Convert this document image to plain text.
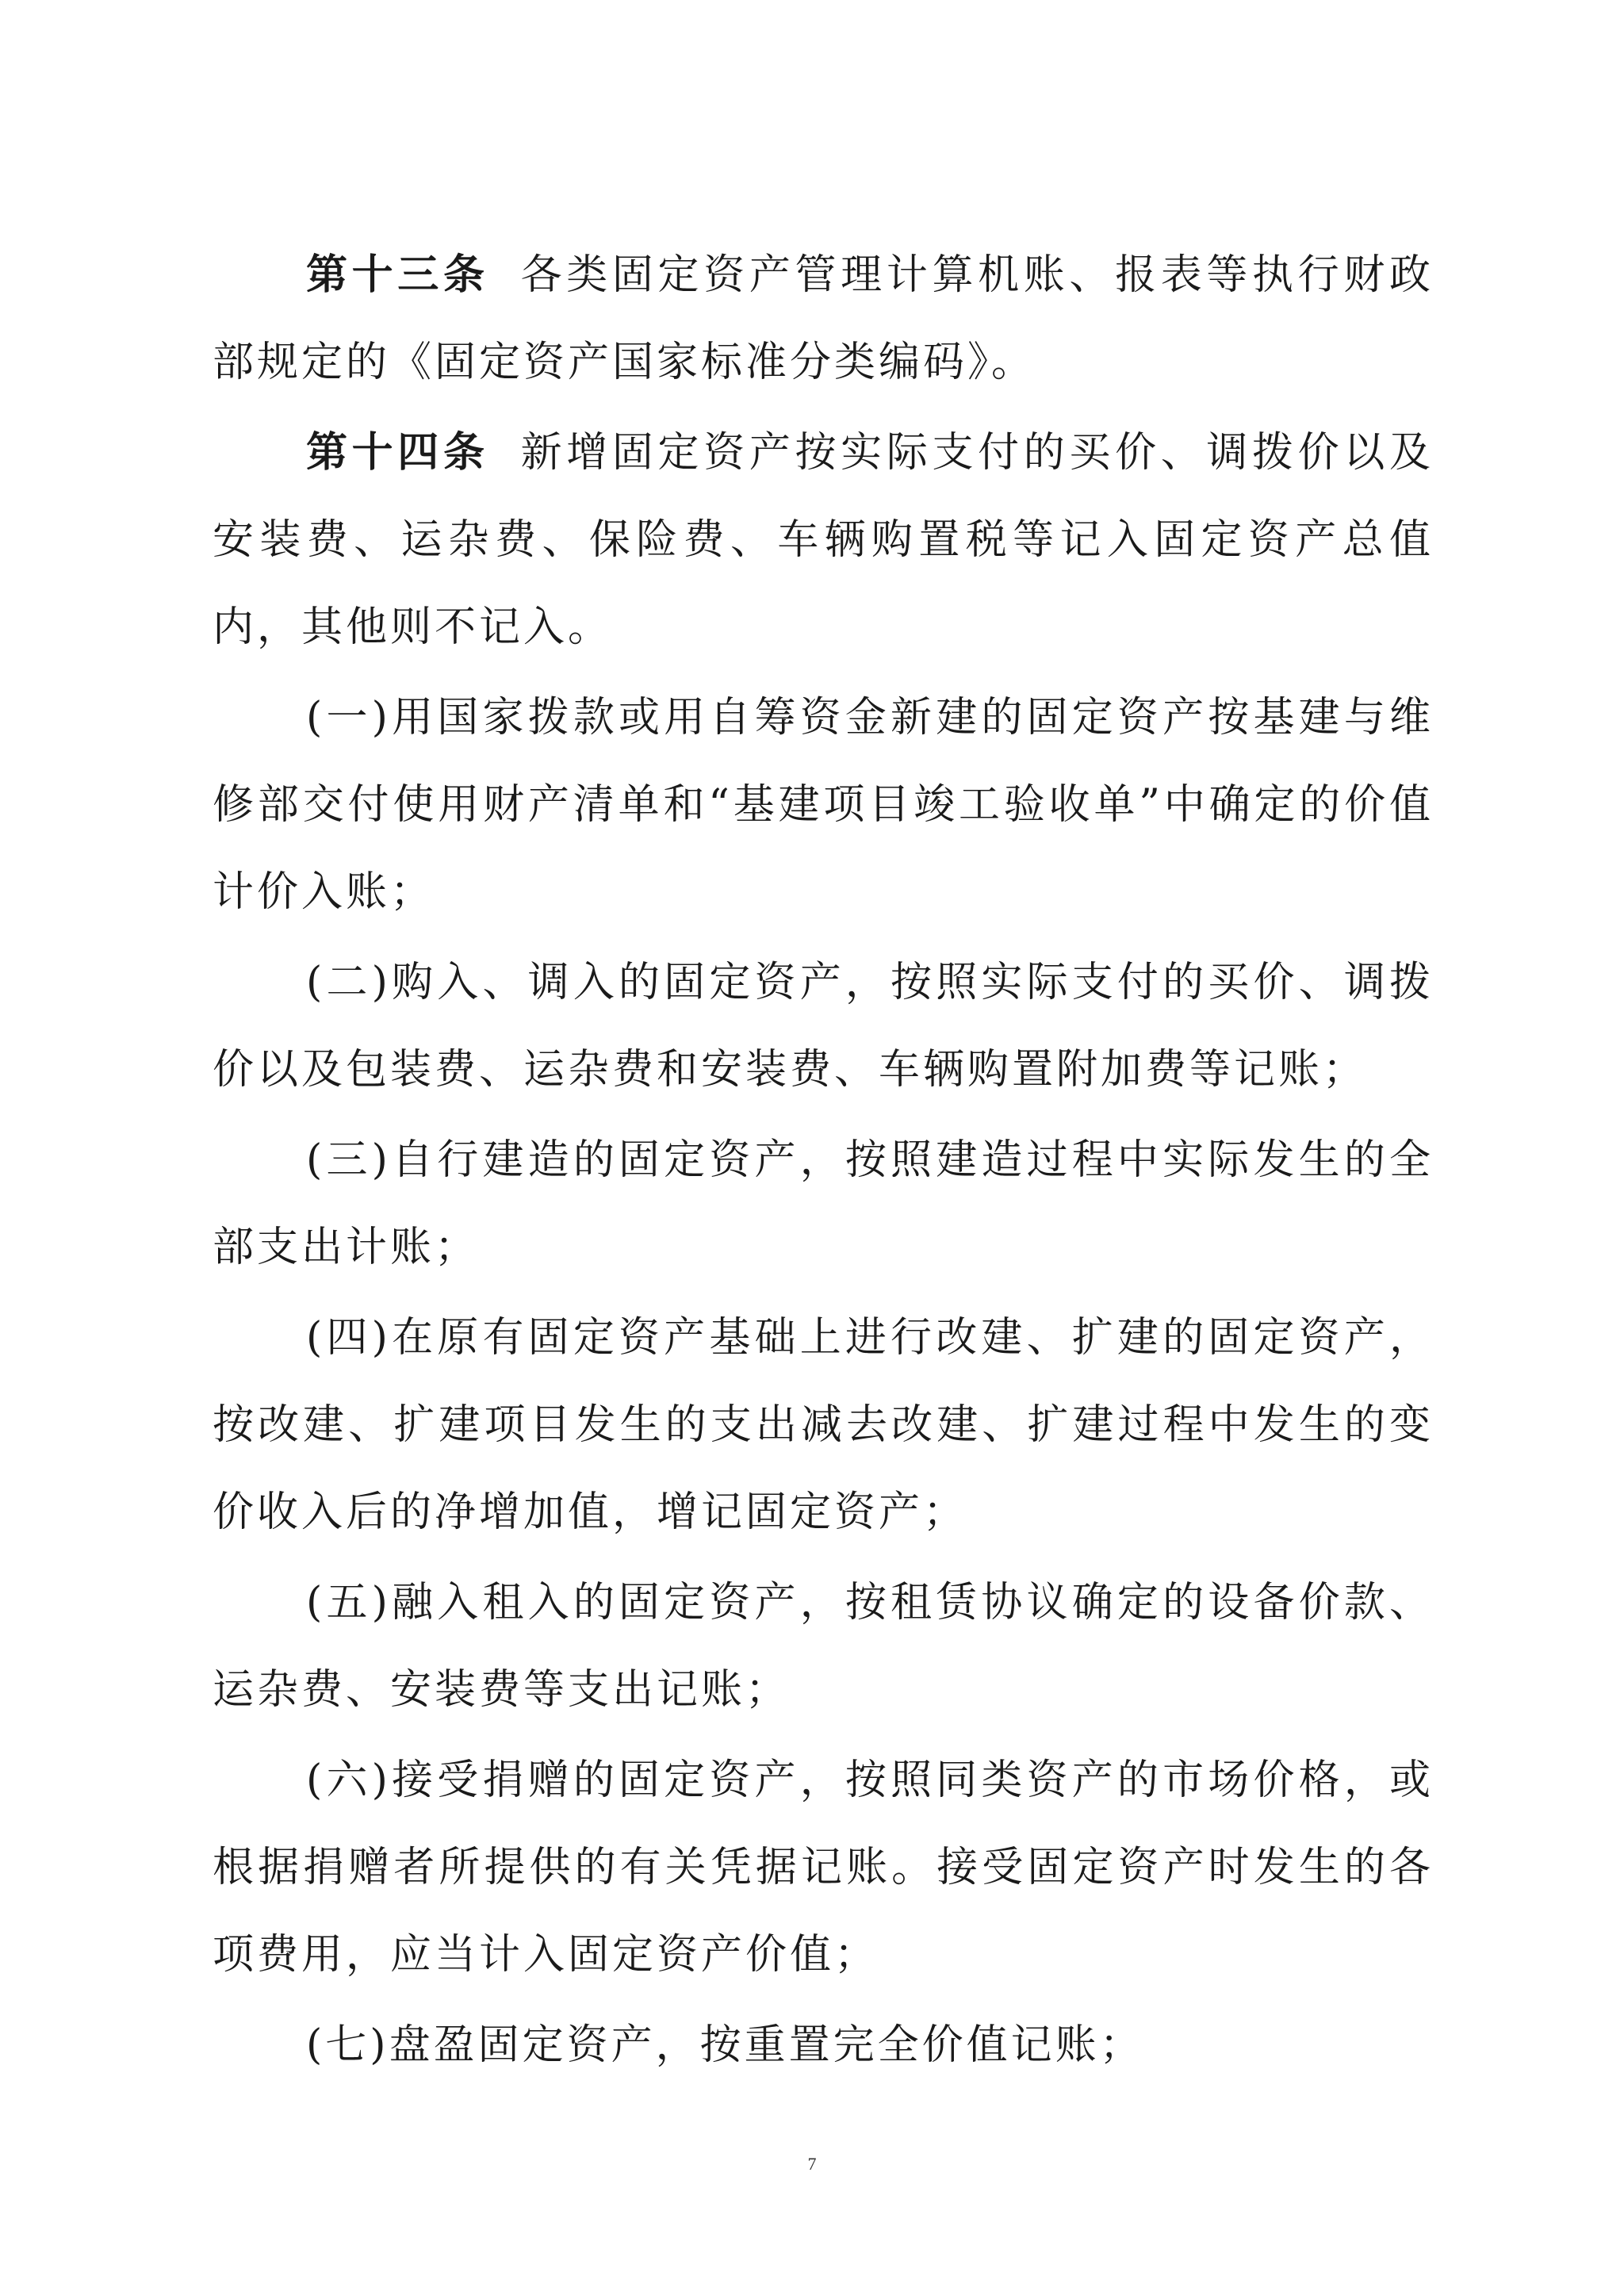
第十三条 各类固定资产管理计算机账、报表等执行财政部规定的《固定资产国家标准分类编码》。

第十四条 新增固定资产按实际支付的买价、调拨价以及安装费、运杂费、保险费、车辆购置税等记入固定资产总值内，其他则不记入。

(一)用国家拨款或用自筹资金新建的固定资产按基建与维修部交付使用财产清单和“基建项目竣工验收单”中确定的价值计价入账；

(二)购入、调入的固定资产，按照实际支付的买价、调拨价以及包装费、运杂费和安装费、车辆购置附加费等记账；

(三)自行建造的固定资产，按照建造过程中实际发生的全部支出计账；

(四)在原有固定资产基础上进行改建、扩建的固定资产，按改建、扩建项目发生的支出减去改建、扩建过程中发生的变价收入后的净增加值，增记固定资产；

(五)融入租入的固定资产，按租赁协议确定的设备价款、运杂费、安装费等支出记账；

(六)接受捐赠的固定资产，按照同类资产的市场价格，或根据捐赠者所提供的有关凭据记账。接受固定资产时发生的各项费用，应当计入固定资产价值；

(七)盘盈固定资产，按重置完全价值记账；

7
